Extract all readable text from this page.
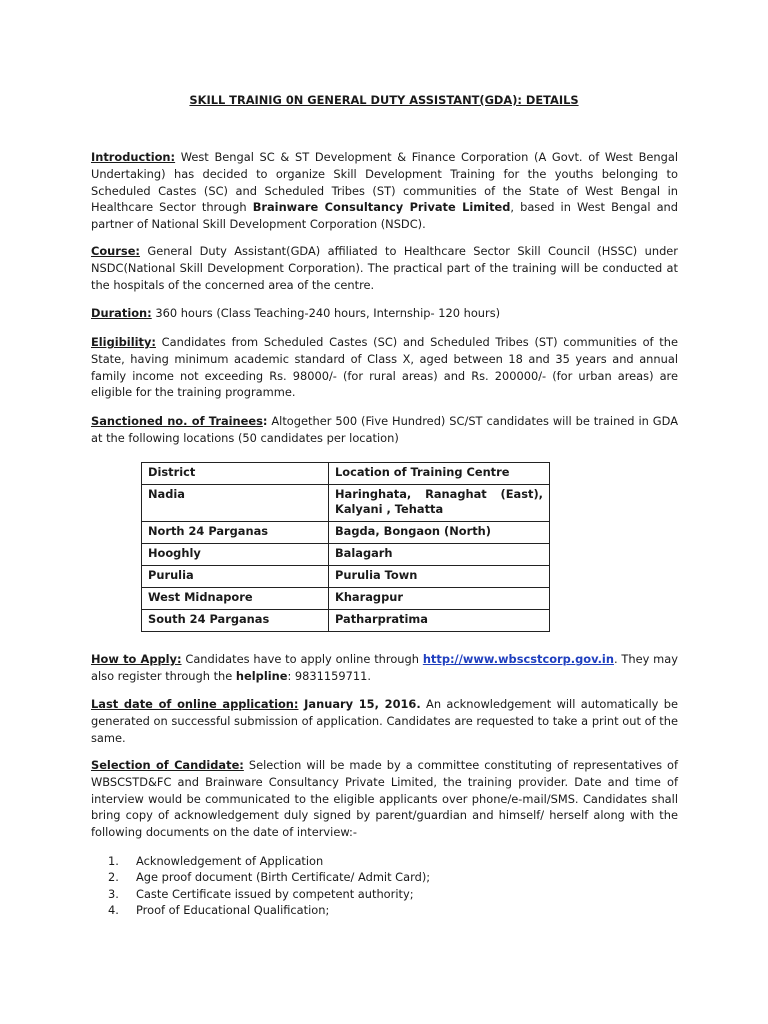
SKILL TRAINIG 0N GENERAL DUTY ASSISTANT(GDA): DETAILS
Introduction: West Bengal SC & ST Development & Finance Corporation (A Govt. of West Bengal Undertaking) has decided to organize Skill Development Training for the youths belonging to Scheduled Castes (SC) and Scheduled Tribes (ST) communities of the State of West Bengal in Healthcare Sector through Brainware Consultancy Private Limited, based in West Bengal and partner of National Skill Development Corporation (NSDC).
Course: General Duty Assistant(GDA) affiliated to Healthcare Sector Skill Council (HSSC) under NSDC(National Skill Development Corporation). The practical part of the training will be conducted at the hospitals of the concerned area of the centre.
Duration: 360 hours (Class Teaching-240 hours, Internship- 120 hours)
Eligibility: Candidates from Scheduled Castes (SC) and Scheduled Tribes (ST) communities of the State, having minimum academic standard of Class X, aged between 18 and 35 years and annual family income not exceeding Rs. 98000/- (for rural areas) and Rs. 200000/- (for urban areas) are eligible for the training programme.
Sanctioned no. of Trainees: Altogether 500 (Five Hundred) SC/ST candidates will be trained in GDA at the following locations (50 candidates per location)
District	Location of Training Centre
Nadia	Haringhata, Ranaghat (East), Kalyani , Tehatta
North 24 Parganas	Bagda, Bongaon (North)
Hooghly	Balagarh
Purulia	Purulia Town
West Midnapore	Kharagpur
South 24 Parganas	Patharpratima
How to Apply: Candidates have to apply online through http://www.wbscstcorp.gov.in. They may also register through the helpline: 9831159711.
Last date of online application: January 15, 2016. An acknowledgement will automatically be generated on successful submission of application. Candidates are requested to take a print out of the same.
Selection of Candidate: Selection will be made by a committee constituting of representatives of WBSCSTD&FC and Brainware Consultancy Private Limited, the training provider. Date and time of interview would be communicated to the eligible applicants over phone/e-mail/SMS. Candidates shall bring copy of acknowledgement duly signed by parent/guardian and himself/ herself along with the following documents on the date of interview:-
1.	Acknowledgement of Application
2.	Age proof document (Birth Certificate/ Admit Card);
3.	Caste Certificate issued by competent authority;
4.	Proof of Educational Qualification;
